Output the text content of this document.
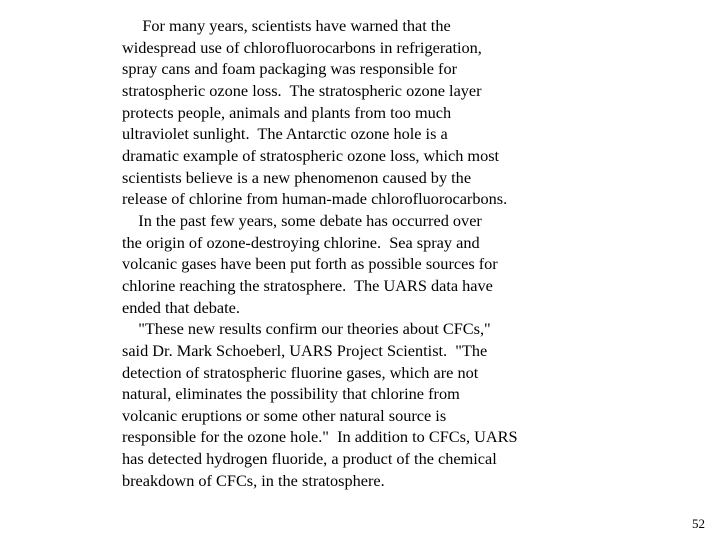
For many years, scientists have warned that the
widespread use of chlorofluorocarbons in refrigeration,
spray cans and foam packaging was responsible for
stratospheric ozone loss.  The stratospheric ozone layer
protects people, animals and plants from too much
ultraviolet sunlight.  The Antarctic ozone hole is a
dramatic example of stratospheric ozone loss, which most
scientists believe is a new phenomenon caused by the
release of chlorine from human-made chlorofluorocarbons.
In the past few years, some debate has occurred over
the origin of ozone-destroying chlorine.  Sea spray and
volcanic gases have been put forth as possible sources for
chlorine reaching the stratosphere.  The UARS data have
ended that debate.
"These new results confirm our theories about CFCs,"
said Dr. Mark Schoeberl, UARS Project Scientist.  "The
detection of stratospheric fluorine gases, which are not
natural, eliminates the possibility that chlorine from
volcanic eruptions or some other natural source is
responsible for the ozone hole."  In addition to CFCs, UARS
has detected hydrogen fluoride, a product of the chemical
breakdown of CFCs, in the stratosphere.
52
